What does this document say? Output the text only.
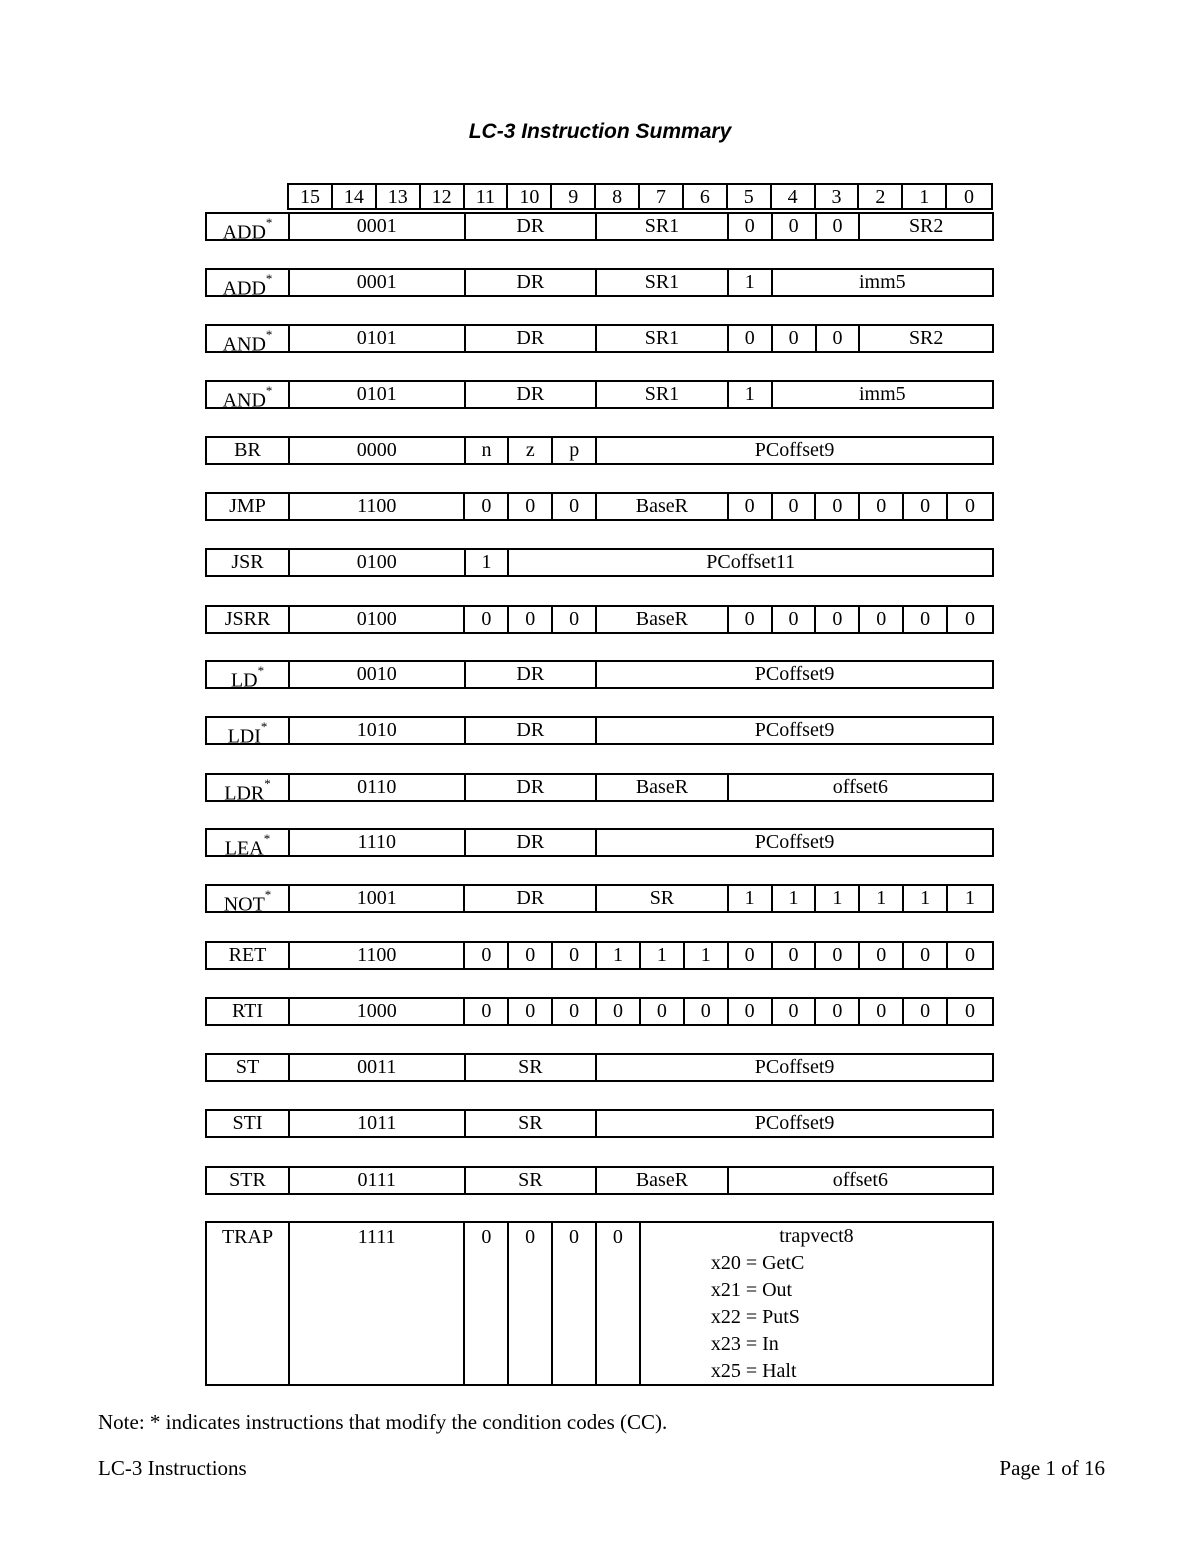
LC-3 Instruction Summary
15	14	13	12	11	10	9	8	7	6	5	4	3	2	1	0
ADD*	0001	DR	SR1	0	0	0	SR2
ADD*	0001	DR	SR1	1	imm5
AND*	0101	DR	SR1	0	0	0	SR2
AND*	0101	DR	SR1	1	imm5
BR	0000	n	z	p	PCoffset9
JMP	1100	0	0	0	BaseR	0	0	0	0	0	0
JSR	0100	1	PCoffset11
JSRR	0100	0	0	0	BaseR	0	0	0	0	0	0
LD*	0010	DR	PCoffset9
LDI*	1010	DR	PCoffset9
LDR*	0110	DR	BaseR	offset6
LEA*	1110	DR	PCoffset9
NOT*	1001	DR	SR	1	1	1	1	1	1
RET	1100	0	0	0	1	1	1	0	0	0	0	0	0
RTI	1000	0	0	0	0	0	0	0	0	0	0	0	0
ST	0011	SR	PCoffset9
STI	1011	SR	PCoffset9
STR	0111	SR	BaseR	offset6
TRAP	1111	0	0	0	0	trapvect8
x20 = GetC
x21 = Out
x22 = PutS
x23 = In
x25 = Halt
Note: * indicates instructions that modify the condition codes (CC).
LC-3 Instructions	Page 1 of 16
